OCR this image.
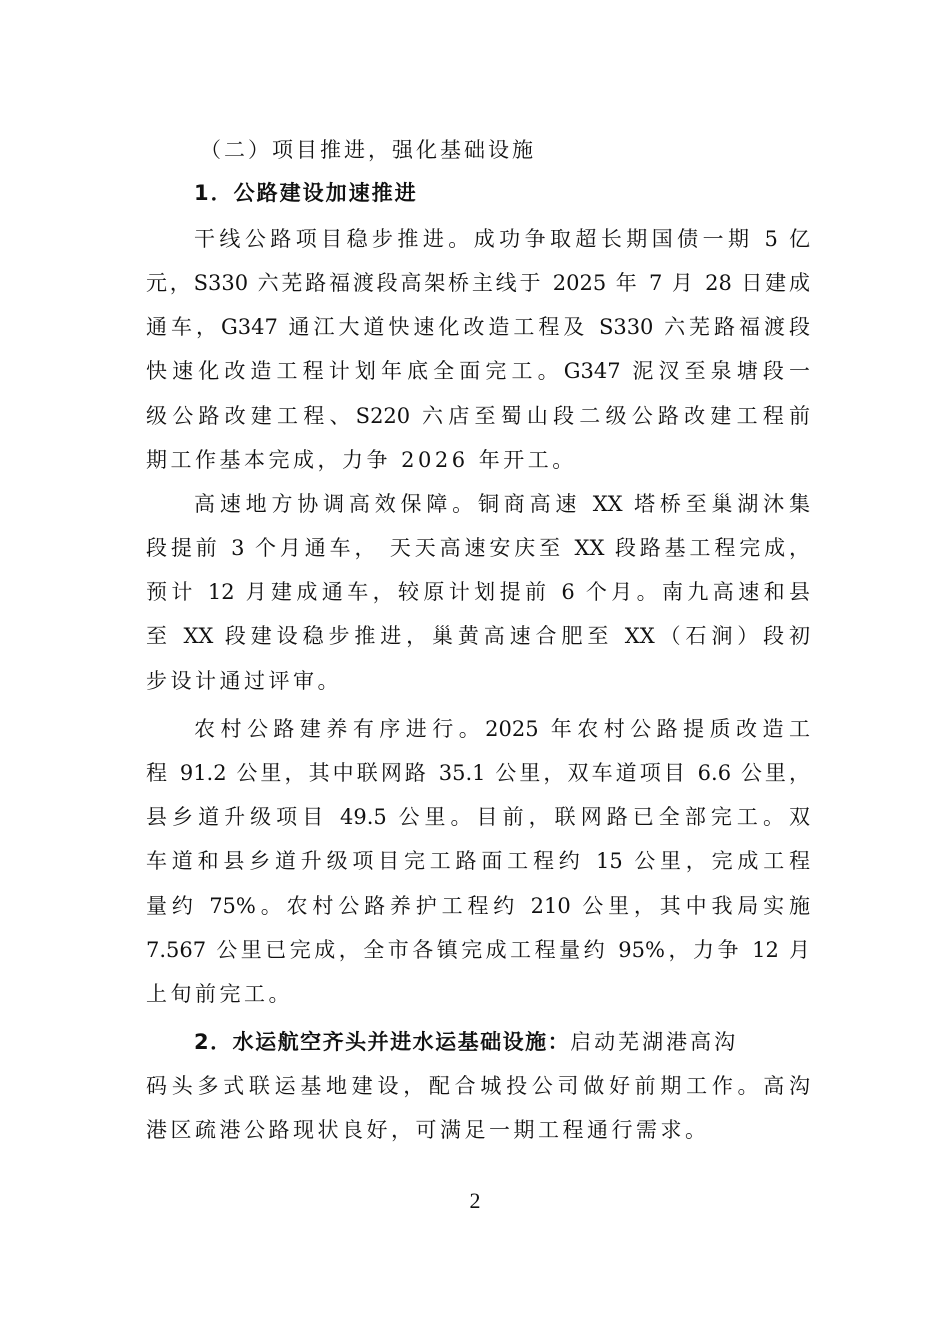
（二）项目推进，强化基础设施
1．公路建设加速推进
干线公路项目稳步推进。成功争取超长期国债一期 5 亿
元，S330 六芜路福渡段高架桥主线于 2025 年 7 月 28 日建成
通车，G347 通江大道快速化改造工程及 S330 六芜路福渡段
快速化改造工程计划年底全面完工。G347 泥汊至泉塘段一
级公路改建工程、S220 六店至蜀山段二级公路改建工程前
期工作基本完成，力争 2026 年开工。
高速地方协调高效保障。铜商高速 XX 塔桥至巢湖沐集
段提前 3 个月通车， 天天高速安庆至 XX 段路基工程完成，
预计 12 月建成通车，较原计划提前 6 个月。南九高速和县
至 XX 段建设稳步推进，巢黄高速合肥至 XX（石涧）段初
步设计通过评审。
农村公路建养有序进行。2025 年农村公路提质改造工
程 91.2 公里，其中联网路 35.1 公里，双车道项目 6.6 公里，
县乡道升级项目 49.5 公里。目前，联网路已全部完工。双
车道和县乡道升级项目完工路面工程约 15 公里，完成工程
量约 75%。农村公路养护工程约 210 公里，其中我局实施
7.567 公里已完成，全市各镇完成工程量约 95%，力争 12 月
上旬前完工。
2．水运航空齐头并进水运基础设施：启动芜湖港高沟
码头多式联运基地建设，配合城投公司做好前期工作。高沟
港区疏港公路现状良好，可满足一期工程通行需求。
2
